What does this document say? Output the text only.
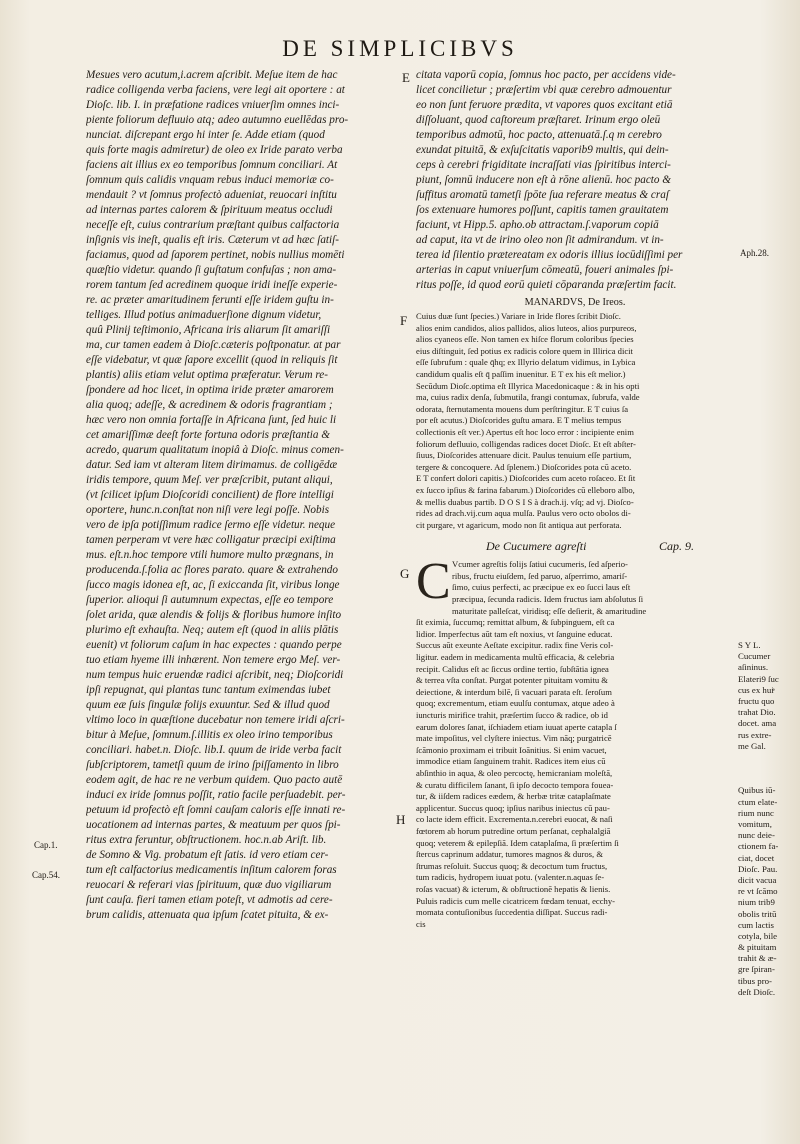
DE SIMPLICIBVS
E
F
G
H
Cap.1.
Cap.54.
Aph.28.
Mesues vero acutum,i.acrem aſcribit. Meſue item de hac
radice colligenda verba faciens, vere legi ait oportere : at
Dioſc. lib. I. in præfatione radices vniuerſim omnes inci-
piente foliorum defluuio atq; adeo autumno euellēdas pro-
nunciat. diſcrepant ergo hi inter ſe. Adde etiam (quod
quis forte magis admiretur) de oleo ex Iride parato verba
faciens ait illius ex eo temporibus ſomnum conciliari. At
ſomnum quis calidis vnquam rebus induci memoriæ co-
mendauit ? vt ſomnus profectò adueniat, reuocari inſtitu
ad internas partes calorem & ſpirituum meatus occludi
neceſſe eſt, cuius contrarium præſtant quibus calfactoria
inſignis vis ineſt, qualis eſt iris. Cæterum vt ad hæc ſatiſ-
faciamus, quod ad ſaporem pertinet, nobis nullius momēti
quæſtio videtur. quando ſi guſtatum confuſas ; non ama-
rorem tantum ſed acredinem quoque iridi ineſſe experie-
re. ac præter amaritudinem ferunti eſſe iridem guſtu in-
telliges. Illud potius animaduerſione dignum videtur,
quû Plinij teſtimonio, Africana iris aliarum ſit amariſſi
ma, cur tamen eadem à Dioſc.cæteris poſtponatur. at par
eſſe videbatur, vt quæ ſapore excellit (quod in reliquis ſit
plantis) aliis etiam velut optima præferatur. Verum re-
ſpondere ad hoc licet, in optima iride præter amarorem
alia quoq; adeſſe, & acredinem & odoris fragrantiam ;
hæc vero non omnia fortaſſe in Africana ſunt, ſed huic li
cet amariſſimæ deeſt forte fortuna odoris præſtantia &
acredo, quarum qualitatum inopiâ à Dioſc. minus comen-
datur. Sed iam vt alteram litem dirimamus. de colligēdæ
iridis tempore, quum Meſ. ver præſcribit, putant aliqui,
(vt ſcilicet ipſum Dioſcoridi concilient) de flore intelligi
oportere, hunc.n.conſtat non niſi vere legi poſſe. Nobis
vero de ipſa potiſſimum radice ſermo eſſe videtur. neque
tamen perperam vt vere hæc colligatur præcipi exiſtima
mus. eſt.n.hoc tempore vtili humore multo prægnans, in
producenda.ſ.folia ac flores parato. quare & extrahendo
ſucco magis idonea eſt, ac, ſi exiccanda ſit, viribus longe
ſuperior. alioqui ſi autumnum expectas, eſſe eo tempore
ſolet arida, quæ alendis & folijs & floribus humore inſito
plurimo eſt exhauſta. Neq; autem eſt (quod in aliis plātis
euenit) vt foliorum caſum in hac expectes : quando perpe
tuo etiam hyeme illi inhærent. Non temere ergo Meſ. ver-
num tempus huic eruendæ radici aſcribit, neq; Dioſcoridi
ipſi repugnat, qui plantas tunc tantum eximendas iubet
quum eæ ſuis ſingulæ folijs exuuntur. Sed & illud quod
vltimo loco in quæſtione ducebatur non temere iridi aſcri-
bitur à Meſue, ſomnum.ſ.illitis ex oleo irino temporibus
conciliari. habet.n. Dioſc. lib.I. quum de iride verba facit
ſubſcriptorem, tametſi quum de irino ſpiſſamento in libro
eodem agit, de hac re ne verbum quidem. Quo pacto autē
induci ex iride ſomnus poſſit, ratio facile perſuadebit. per-
petuum id profectò eſt ſomni cauſam caloris eſſe innati re-
uocationem ad internas partes, & meatuum per quos ſpi-
ritus extra feruntur, obſtructionem. hoc.n.ab Ariſt. lib.
de Somno & Vig. probatum eſt ſatis. id vero etiam cer-
tum eſt calfactorius medicamentis inſitum calorem foras
reuocari & referari vias ſpirituum, quæ duo vigiliarum
ſunt cauſa. fieri tamen etiam poteſt, vt admotis ad cere-
brum calidis, attenuata qua ipſum ſcatet pituita, & ex-
citata vaporū copia, ſomnus hoc pacto, per accidens vide-
licet concilietur ; præſertim vbi quæ cerebro admouentur
eo non ſunt feruore prædita, vt vapores quos excitant etiā
diſſoluant, quod caſtoreum præſtaret. Irinum ergo oleū
temporibus admotū, hoc pacto, attenuatā.ſ.q m cerebro
exundat pituitā, & exſuſcitatis vaporib9 multis, qui dein-
ceps à cerebri frigiditate incraſſati vias ſpiritibus interci-
piunt, ſomnū inducere non eſt à rōne alienū. hoc pacto &
ſuffitus aromatū tametſi ſpōte ſua referare meatus & craſ
ſos extenuare humores poſſunt, capitis tamen grauitatem
faciunt, vt Hipp.5. apho.ob attractam.ſ.vaporum copiā
ad caput, ita vt de irino oleo non ſit admirandum. vt in-
terea id ſilentio prætereatam ex odoris illius iocūdiſſimi per
arterias in caput vniuerſum cōmeatū, foueri animales ſpi-
ritus poſſe, id quod eorū quieti cōparanda præſertim facit.
MANARDVS, De Ireos.
Cuius duæ ſunt ſpecies.) Variare in Iride flores ſcribit Dioſc.
alios enim candidos, alios pallidos, alios luteos, alios purpureos,
alios cyaneos eſſe. Non tamen ex hiſce florum coloribus ſpecies
eius diſtinguit, ſed potius ex radicis colore quem in Illirica dicit
eſſe ſubrufum : quale q̄hq; ex Illyrio delatum vidimus, in Lybica
candidum qualis eſt q̄ paſſim inuenitur. E T ex his eſt melior.)
Secūdum Dioſc.optima eſt Illyrica Macedonicaque : & in his opti
ma, cuius radix denſa, ſubmutila, frangi contumax, ſubrufa, valde
odorata, ſternutamenta mouens dum perſtringitur. E T cuius ſa
por eſt acutus.) Dioſcorides guſtu amara. E T melius tempus
collectionis eſt ver.) Apertus eſt hoc loco error : incipiente enim
foliorum defluuio, colligendas radices docet Dioſc. Et eſt abſter-
ſiuus, Dioſcorides attenuare dicit. Paulus tenuium eſſe partium,
tergere & concoquere. Ad ſplenem.) Dioſcorides pota cū aceto.
E T confert dolori capitis.) Dioſcorides cum aceto roſaceo. Et ſit
ex ſucco ipſius & farina fabarum.) Dioſcorides cū elleboro albo,
& mellis duabus partib. D O S I S à drach.ij. vſq; ad vj. Dioſco-
rides ad drach.vij.cum aqua mulſa. Paulus vero octo obolos di-
cit purgare, vt agaricum, modo non ſit antiqua aut perforata.
De Cucumere agreſti	Cap. 9.
C Vcumer agreſtis folijs ſatiui cucumeris, ſed aſperio-
ribus, fructu eiuſdem, ſed paruo, aſperrimo, amariſ-
ſimo, cuius perfecti, ac præcipue ex eo ſucci laus eſt
præcipua, ſecunda radicis. Idem fructus iam abſolutus ſi
maturitate palleſcat, viridisq; eſſe deſierit, & amaritudine
ſit eximia, ſuccumq; remittat album, & ſubpinguem, eſt ca
lidior. Imperfectus aūt tam eſt noxius, vt ſanguine educat.
Succus aūt exeunte Aeſtate excipitur. radix fine Veris col-
ligitur. eadem in medicamenta multū efficacia, & celebria
recipit. Calidus eſt ac ſiccus ordine tertio, ſubſtātia ignea
& terrea vſta conſtat. Purgat potenter pituitam vomitu &
deiectione, & interdum bilē, ſi vacuari parata eſt. ſeroſum
quoq; excrementum, etiam euulſu contumax, atque adeo à
iuncturis mirifice trahit, præſertim ſucco & radice, ob id
earum dolores ſanat, iſchiadem etiam iuuat aperte catapla ſ
mate impoſitus, vel clyſtere iniectus. Vim nāq; purgatricē
ſcāmonio proximam ei tribuit Ioānitius. Si enim vacuet,
immodice etiam ſanguinem trahit. Radices item eius cū
abſinthio in aqua, & oleo percoctę, hemicraniam moleſtā,
& curatu difficilem ſanant, ſi ipſo decocto tempora fouea-
tur, & iiſdem radices eædem, & herbæ tritæ cataplaſmate
applicentur. Succus quoq; ipſius naribus iniectus cū pau-
co lacte idem efficit. Excrementa.n.cerebri euocat, & naſi
fœtorem ab horum putredine ortum perſanat, cephalalgiā
quoq; veterem & epilepſiā. Idem cataplaſma, ſi præſertim ſi
ſtercus caprinum addatur, tumores magnos & duros, &
ſtrumas reſoluit. Succus quoq; & decoctum tum fructus,
tum radicis, hydropem iuuat potu. (valenter.n.aquas ſe-
roſas vacuat) & icterum, & obſtructionē hepatis & lienis.
Puluis radicis cum melle cicatricem fœdam tenuat, ecchy-
momata contuſionibus ſuccedentia diſſipat. Succus radi-
cis
S Y L.
Cucumer
aſininus.
Elateri9 ſuc
cus ex huiͤ
fructu quo
trahat Dio.
docet. ama
rus extre-
me Gal.
Quibus iū-
ctum elate-
rium nunc
vomitum,
nunc deie-
ctionem fa-
ciat, docet
Dioſc. Pau.
dicit vacua
re vt ſcāmo
nium trib9
obolis tritū
cum lactis
cotyla, bile
& pituitam
trahit & æ-
gre ſpiran-
tibus pro-
deſt Dioſc.
